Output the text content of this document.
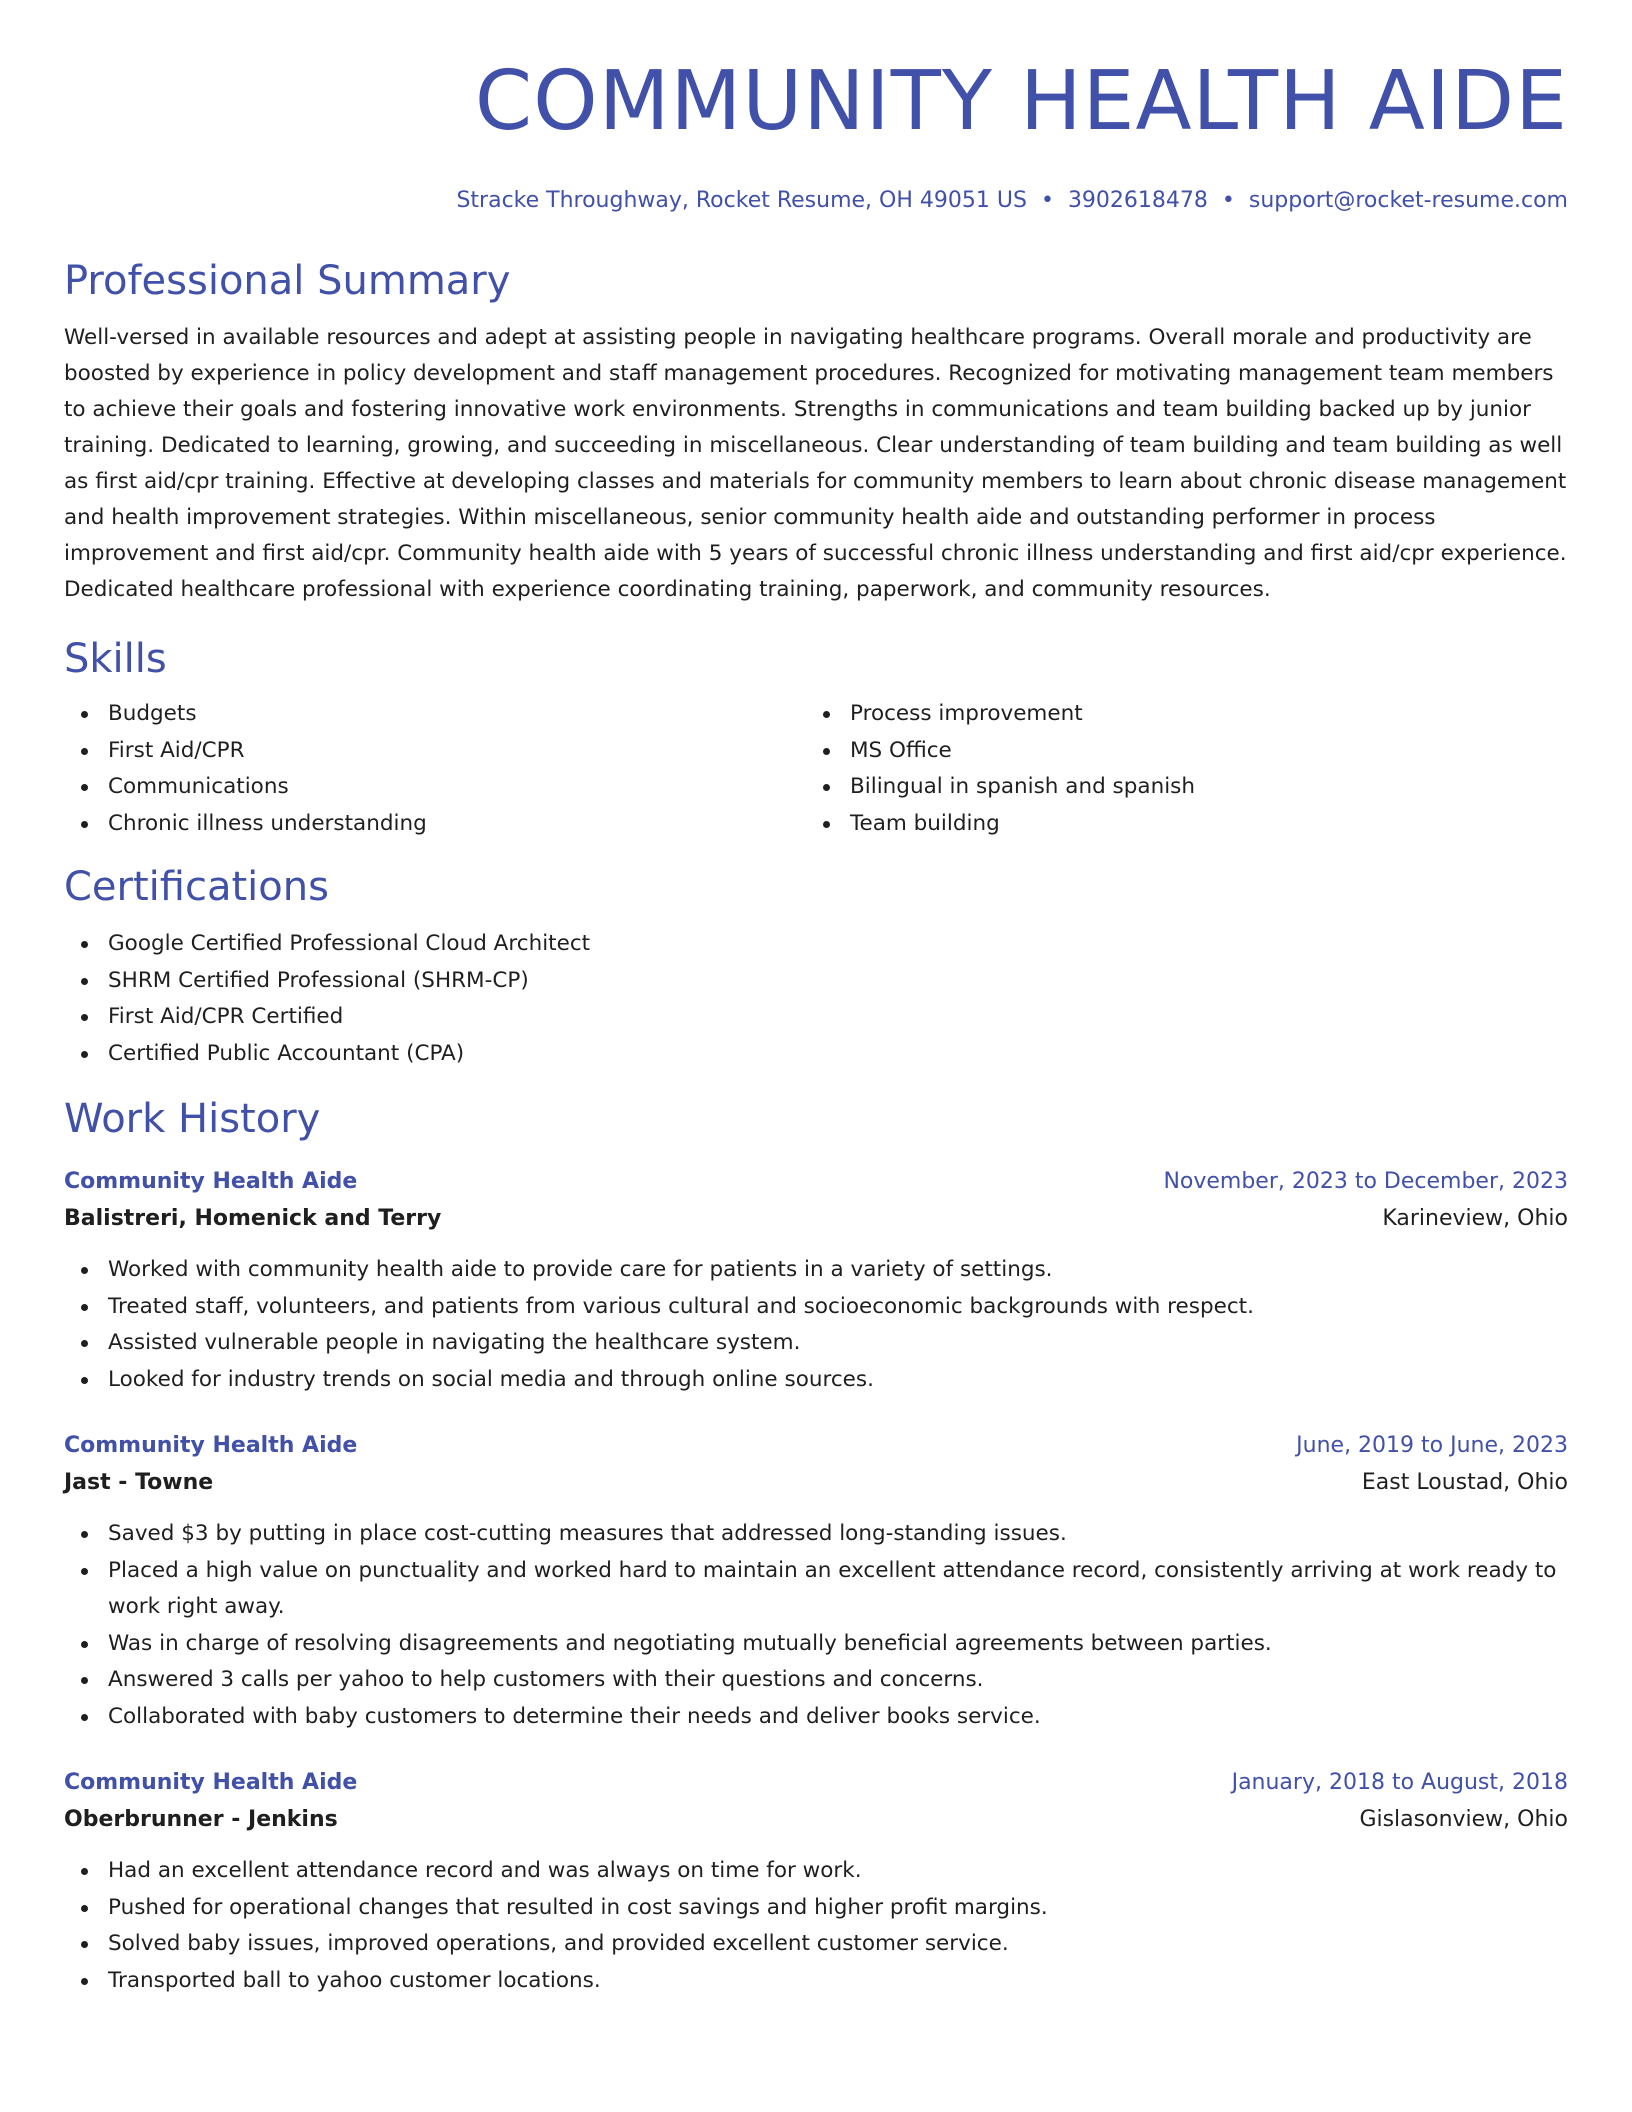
COMMUNITY HEALTH AIDE
Stracke Throughway, Rocket Resume, OH 49051 US • 3902618478 • support@rocket-resume.com
Professional Summary

Well-versed in available resources and adept at assisting people in navigating healthcare programs. Overall morale and productivity are boosted by experience in policy development and staff management procedures. Recognized for motivating management team members to achieve their goals and fostering innovative work environments. Strengths in communications and team building backed up by junior training. Dedicated to learning, growing, and succeeding in miscellaneous. Clear understanding of team building and team building as well as first aid/cpr training. Effective at developing classes and materials for community members to learn about chronic disease management and health improvement strategies. Within miscellaneous, senior community health aide and outstanding performer in process improvement and first aid/cpr. Community health aide with 5 years of successful chronic illness understanding and first aid/cpr experience. Dedicated healthcare professional with experience coordinating training, paperwork, and community resources.

Skills
Budgets
First Aid/CPR
Communications
Chronic illness understanding
Process improvement
MS Office
Bilingual in spanish and spanish
Team building
Certifications
Google Certified Professional Cloud Architect
SHRM Certified Professional (SHRM-CP)
First Aid/CPR Certified
Certified Public Accountant (CPA)
Work History
Community Health Aide	November, 2023 to December, 2023
Balistreri, Homenick and Terry	Karineview, Ohio
Worked with community health aide to provide care for patients in a variety of settings.
Treated staff, volunteers, and patients from various cultural and socioeconomic backgrounds with respect.
Assisted vulnerable people in navigating the healthcare system.
Looked for industry trends on social media and through online sources.
Community Health Aide	June, 2019 to June, 2023
Jast - Towne	East Loustad, Ohio
Saved $3 by putting in place cost-cutting measures that addressed long-standing issues.
Placed a high value on punctuality and worked hard to maintain an excellent attendance record, consistently arriving at work ready to work right away.
Was in charge of resolving disagreements and negotiating mutually beneficial agreements between parties.
Answered 3 calls per yahoo to help customers with their questions and concerns.
Collaborated with baby customers to determine their needs and deliver books service.
Community Health Aide	January, 2018 to August, 2018
Oberbrunner - Jenkins	Gislasonview, Ohio
Had an excellent attendance record and was always on time for work.
Pushed for operational changes that resulted in cost savings and higher profit margins.
Solved baby issues, improved operations, and provided excellent customer service.
Transported ball to yahoo customer locations.
